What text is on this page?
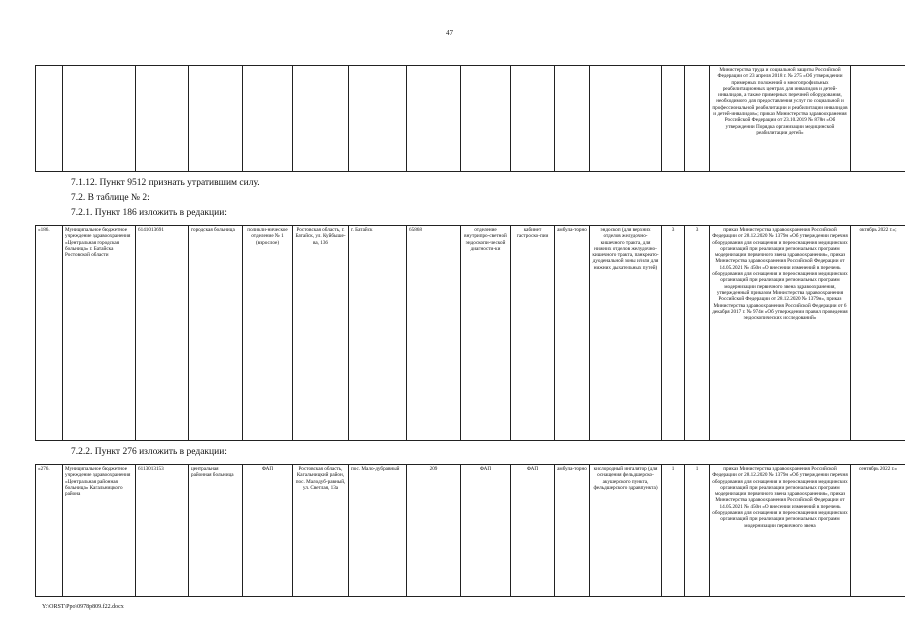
47
														Министерства труда и социальной защиты Российской Федерации от 23 апреля 2018 г. № 275 «Об утверждении примерных положений о многопрофильных реабилитационных центрах для инвалидов и детей-инвалидов, а также примерных перечней оборудования, необходимого для предоставления услуг по социальной и профессиональной реабилитации и реабилитации инвалидов и детей-инвалидов»; приказ Министерства здравоохранения Российской Федерации от 23.10.2019 № 878н «Об утверждении Порядка организации медицинской реабилитации детей»	
7.1.12. Пункт 9512 признать утратившим силу.
7.2. В таблице № 2:
7.2.1. Пункт 186 изложить в редакции:
«186.	Муниципальное бюджетное учреждение здравоохранения «Центральная городская больница» г. Батайска Ростовской области	6141013691	городская больница	поликли-ническое отделение № 1 (взрослое)	Ростовская область, г. Батайск, ул. Куйбыше-ва, 136	г. Батайск	65868	отделение внутрипро-светной эндоскопи-ческой диагности-ки	кабинет гастроско-пии	амбула-торно	эндоскоп (для верхних отделов желудочно-кишечного тракта, для нижних отделов желудочно-кишечного тракта, панкреато-дуоденальной зоны и/или для нижних дыхательных путей)	3	3	приказ Министерства здравоохранения Российской Федерации от 28.12.2020 № 1379н «Об утверждении перечня оборудования для оснащения и переоснащения медицинских организаций при реализации региональных программ модернизации первичного звена здравоохранения», приказ Министерства здравоохранения Российской Федерации от 14.05.2021 № 450н «О внесении изменений в перечень оборудования для оснащения и переоснащения медицинских организаций при реализации региональных программ модернизации первичного звена здравоохранения, утвержденный приказом Министерства здравоохранения Российской Федерации от 28.12.2020 № 1379н», приказ Министерства здравоохранения Российской Федерации от 6 декабря 2017 г. № 974н «Об утверждении правил проведения эндоскопических исследований»	октябрь 2022 г.»;
7.2.2. Пункт 276 изложить в редакции:
«276.	Муниципальное бюджетное учреждение здравоохранения «Центральная районная больница» Кагальницкого района	6113013153	центральная районная больница	ФАП	Ростовская область, Кагальницкий район, пос. Малодуб-равный, ул. Светлая, 13а	пос. Мало-дубравный	209	ФАП	ФАП	амбула-торно	кислородный ингалятор (для оснащения фельдшерско-акушерского пункта, фельдшерского здравпункта)	1	1	приказ Министерства здравоохранения Российской Федерации от 28.12.2020 № 1379н «Об утверждении перечня оборудования для оснащения и переоснащения медицинских организаций при реализации региональных программ модернизации первичного звена здравоохранения», приказ Министерства здравоохранения Российской Федерации от 14.05.2021 № 450н «О внесении изменений в перечень оборудования для оснащения и переоснащения медицинских организаций при реализации региональных программ модернизации первичного звена	сентябрь 2022 г.»
Y:\ORST\Ppo\0978p809.f22.docx
